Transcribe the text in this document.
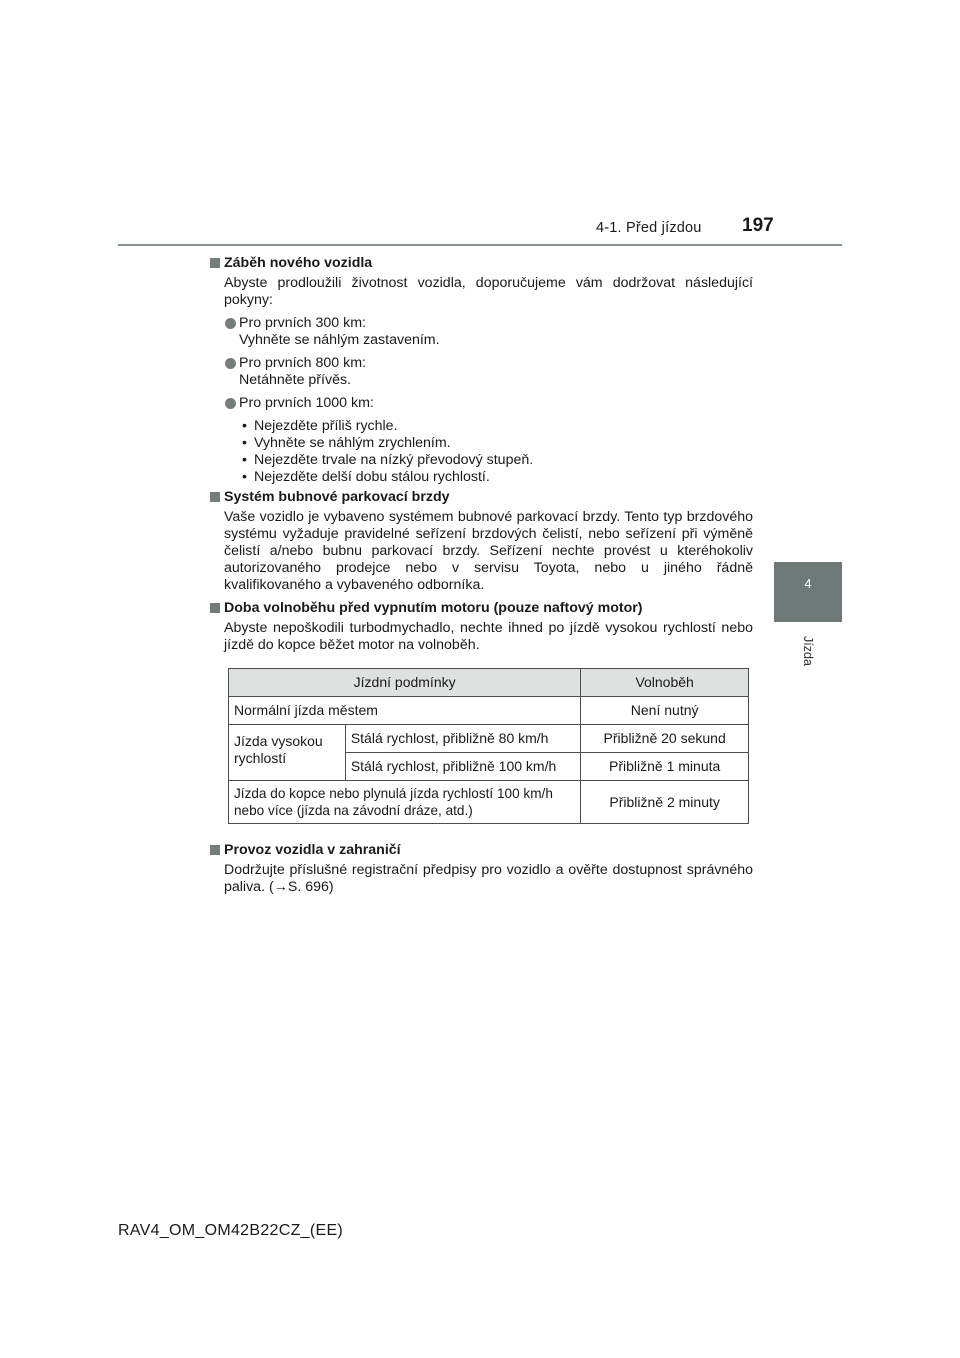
4-1. Před jízdou 197
4
Jízda
Záběh nového vozidla
Abyste prodloužili životnost vozidla, doporučujeme vám dodržovat následující pokyny:
Pro prvních 300 km:
Vyhněte se náhlým zastavením.
Pro prvních 800 km:
Netáhněte přívěs.
Pro prvních 1000 km:
• Nejezděte příliš rychle.
• Vyhněte se náhlým zrychlením.
• Nejezděte trvale na nízký převodový stupeň.
• Nejezděte delší dobu stálou rychlostí.
Systém bubnové parkovací brzdy
Vaše vozidlo je vybaveno systémem bubnové parkovací brzdy. Tento typ brzdového systému vyžaduje pravidelné seřízení brzdových čelistí, nebo seřízení při výměně čelistí a/nebo bubnu parkovací brzdy. Seřízení nechte provést u kteréhokoliv autorizovaného prodejce nebo v servisu Toyota, nebo u jiného řádně kvalifikovaného a vybaveného odborníka.
Doba volnoběhu před vypnutím motoru (pouze naftový motor)
Abyste nepoškodili turbodmychadlo, nechte ihned po jízdě vysokou rychlostí nebo jízdě do kopce běžet motor na volnoběh.
Jízdní podmínky		Volnoběh
Normální jízda městem		Není nutný
Jízda vysokou rychlostí	Stálá rychlost, přibližně 80 km/h	Přibližně 20 sekund
	Stálá rychlost, přibližně 100 km/h	Přibližně 1 minuta
Jízda do kopce nebo plynulá jízda rychlostí 100 km/h nebo více (jízda na závodní dráze, atd.)		Přibližně 2 minuty
Provoz vozidla v zahraničí
Dodržujte příslušné registrační předpisy pro vozidlo a ověřte dostupnost správného paliva. (→S. 696)
RAV4_OM_OM42B22CZ_(EE)
